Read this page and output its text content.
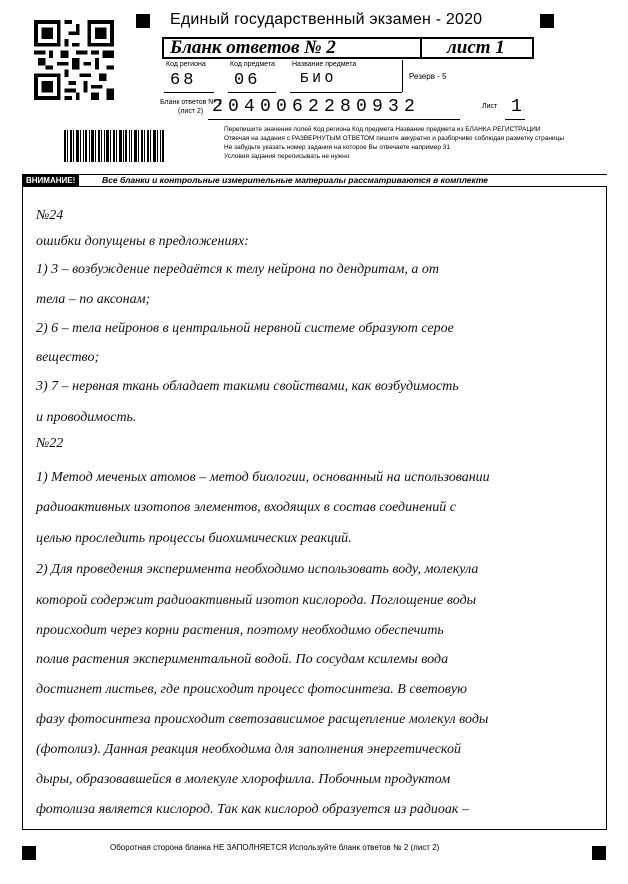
Единый государственный экзамен - 2020
Бланк ответов № 2	лист 1
Код региона
68
Код предмета
06
Название предмета
БИО	Резерв - 5
Бланк ответов N° 2
(лист 2) 2040062280932	Лист 1
Перепишите значения полей Код региона Код предмета Название предмета из БЛАНКА РЕГИСТРАЦИИ
Отвечая на задания с РАЗВЕРНУТЫМ ОТВЕТОМ пишите аккуратно и разборчиво соблюдая разметку страницы
Не забудьте указать номер задания на которое Вы отвечаете например 31
Условия задания переписывать не нужно
ВНИМАНИЕ!	Все бланки и контрольные измерительные материалы рассматриваются в комплекте
№24
ошибки допущены в предложениях:
1) 3 – возбуждение передаётся к телу нейрона по дендритам, а от
тела – по аксонам;
2) 6 – тела нейронов в центральной нервной системе образуют серое
вещество;
3) 7 – нервная ткань обладает такими свойствами, как возбудимость
и проводимость.
№22
1) Метод меченых атомов – метод биологии, основанный на использовании
радиоактивных изотопов элементов, входящих в состав соединений с
целью проследить процессы биохимических реакций.
2) Для проведения эксперимента необходимо использовать воду, молекула
которой содержит радиоактивный изотоп кислорода. Поглощение воды
происходит через корни растения, поэтому необходимо обеспечить
полив растения экспериментальной водой. По сосудам ксилемы вода
достигнет листьев, где происходит процесс фотосинтеза. В световую
фазу фотосинтеза происходит светозависимое расщепление молекул воды
(фотолиз). Данная реакция необходима для заполнения энергетической
дыры, образовавшейся в молекуле хлорофилла. Побочным продуктом
фотолиза является кислород. Так как кислород образуется из радиоак –
Оборотная сторона бланка НЕ ЗАПОЛНЯЕТСЯ Используйте бланк ответов № 2 (лист 2)
